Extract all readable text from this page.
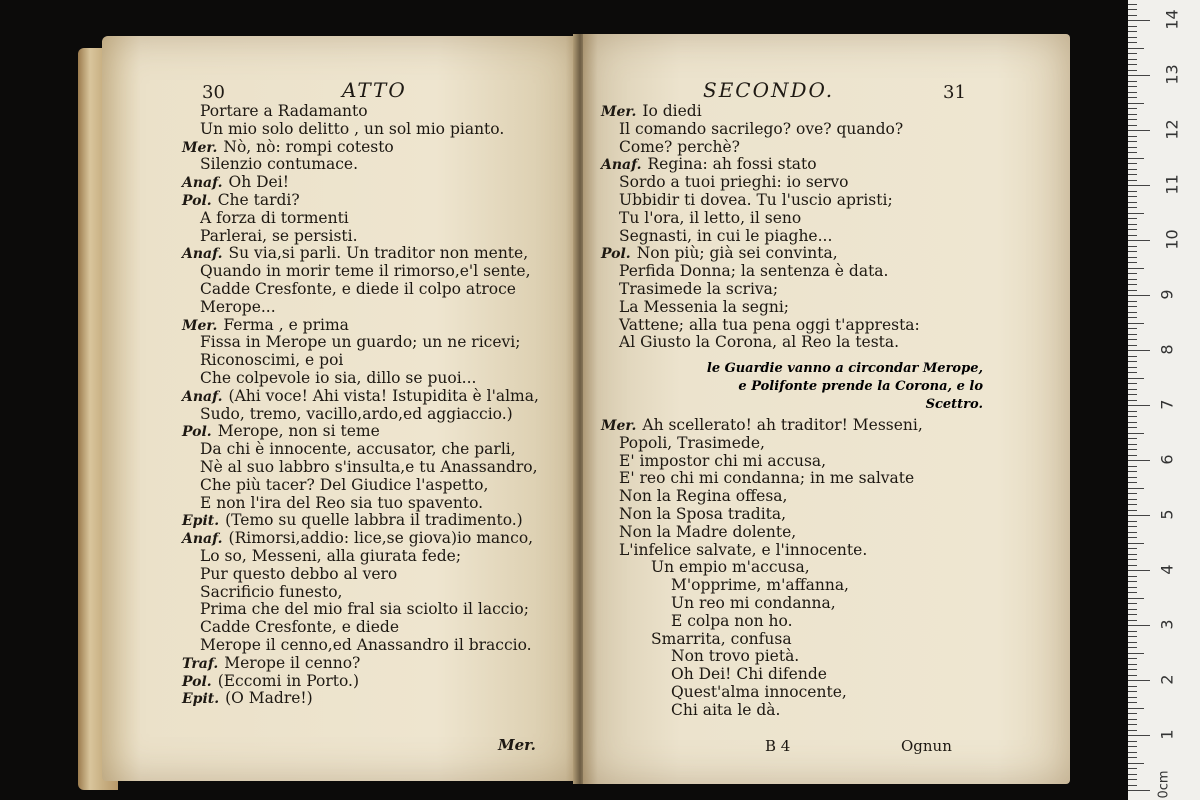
30	ATTO
Portare a Radamanto
Un mio solo delitto , un sol mio pianto.
Mer. Nò, nò: rompi cotesto
Silenzio contumace.
Anaf. Oh Dei!
Pol. Che tardi?
A forza di tormenti
Parlerai, se persisti.
Anaf. Su via,si parli. Un traditor non mente,
Quando in morir teme il rimorso,e'l sente,
Cadde Cresfonte, e diede il colpo atroce
Merope...
Mer. Ferma , e prima
Fissa in Merope un guardo; un ne ricevi;
Riconoscimi, e poi
Che colpevole io sia, dillo se puoi...
Anaf. (Ahi voce! Ahi vista! Istupidita è l'alma,
Sudo, tremo, vacillo,ardo,ed aggiaccio.)
Pol. Merope, non si teme
Da chi è innocente, accusator, che parli,
Nè al suo labbro s'insulta,e tu Anassandro,
Che più tacer? Del Giudice l'aspetto,
E non l'ira del Reo sia tuo spavento.
Epit. (Temo su quelle labbra il tradimento.)
Anaf. (Rimorsi,addio: lice,se giova)io manco,
Lo so, Messeni, alla giurata fede;
Pur questo debbo al vero
Sacrificio funesto,
Prima che del mio fral sia sciolto il laccio;
Cadde Cresfonte, e diede
Merope il cenno,ed Anassandro il braccio.
Traf. Merope il cenno?
Pol. (Eccomi in Porto.)
Epit. (O Madre!)
Mer.
SECONDO.	31
Mer. Io diedi
Il comando sacrilego? ove? quando?
Come? perchè?
Anaf. Regina: ah fossi stato
Sordo a tuoi prieghi: io servo
Ubbidir ti dovea. Tu l'uscio apristi;
Tu l'ora, il letto, il seno
Segnasti, in cui le piaghe...
Pol. Non più; già sei convinta,
Perfida Donna; la sentenza è data.
Trasimede la scriva;
La Messenia la segni;
Vattene; alla tua pena oggi t'appresta:
Al Giusto la Corona, al Reo la testa.
le Guardie vanno a circondar Merope,
e Polifonte prende la Corona, e lo
Scettro.
Mer. Ah scellerato! ah traditor! Messeni,
Popoli, Trasimede,
E' impostor chi mi accusa,
E' reo chi mi condanna; in me salvate
Non la Regina offesa,
Non la Sposa tradita,
Non la Madre dolente,
L'infelice salvate, e l'innocente.
Un empio m'accusa,
M'opprime, m'affanna,
Un reo mi condanna,
E colpa non ho.
Smarrita, confusa
Non trovo pietà.
Oh Dei! Chi difende
Quest'alma innocente,
Chi aita le dà.
B 4	Ognun
0cm
1
2
3
4
5
6
7
8
9
10
11
12
13
14
